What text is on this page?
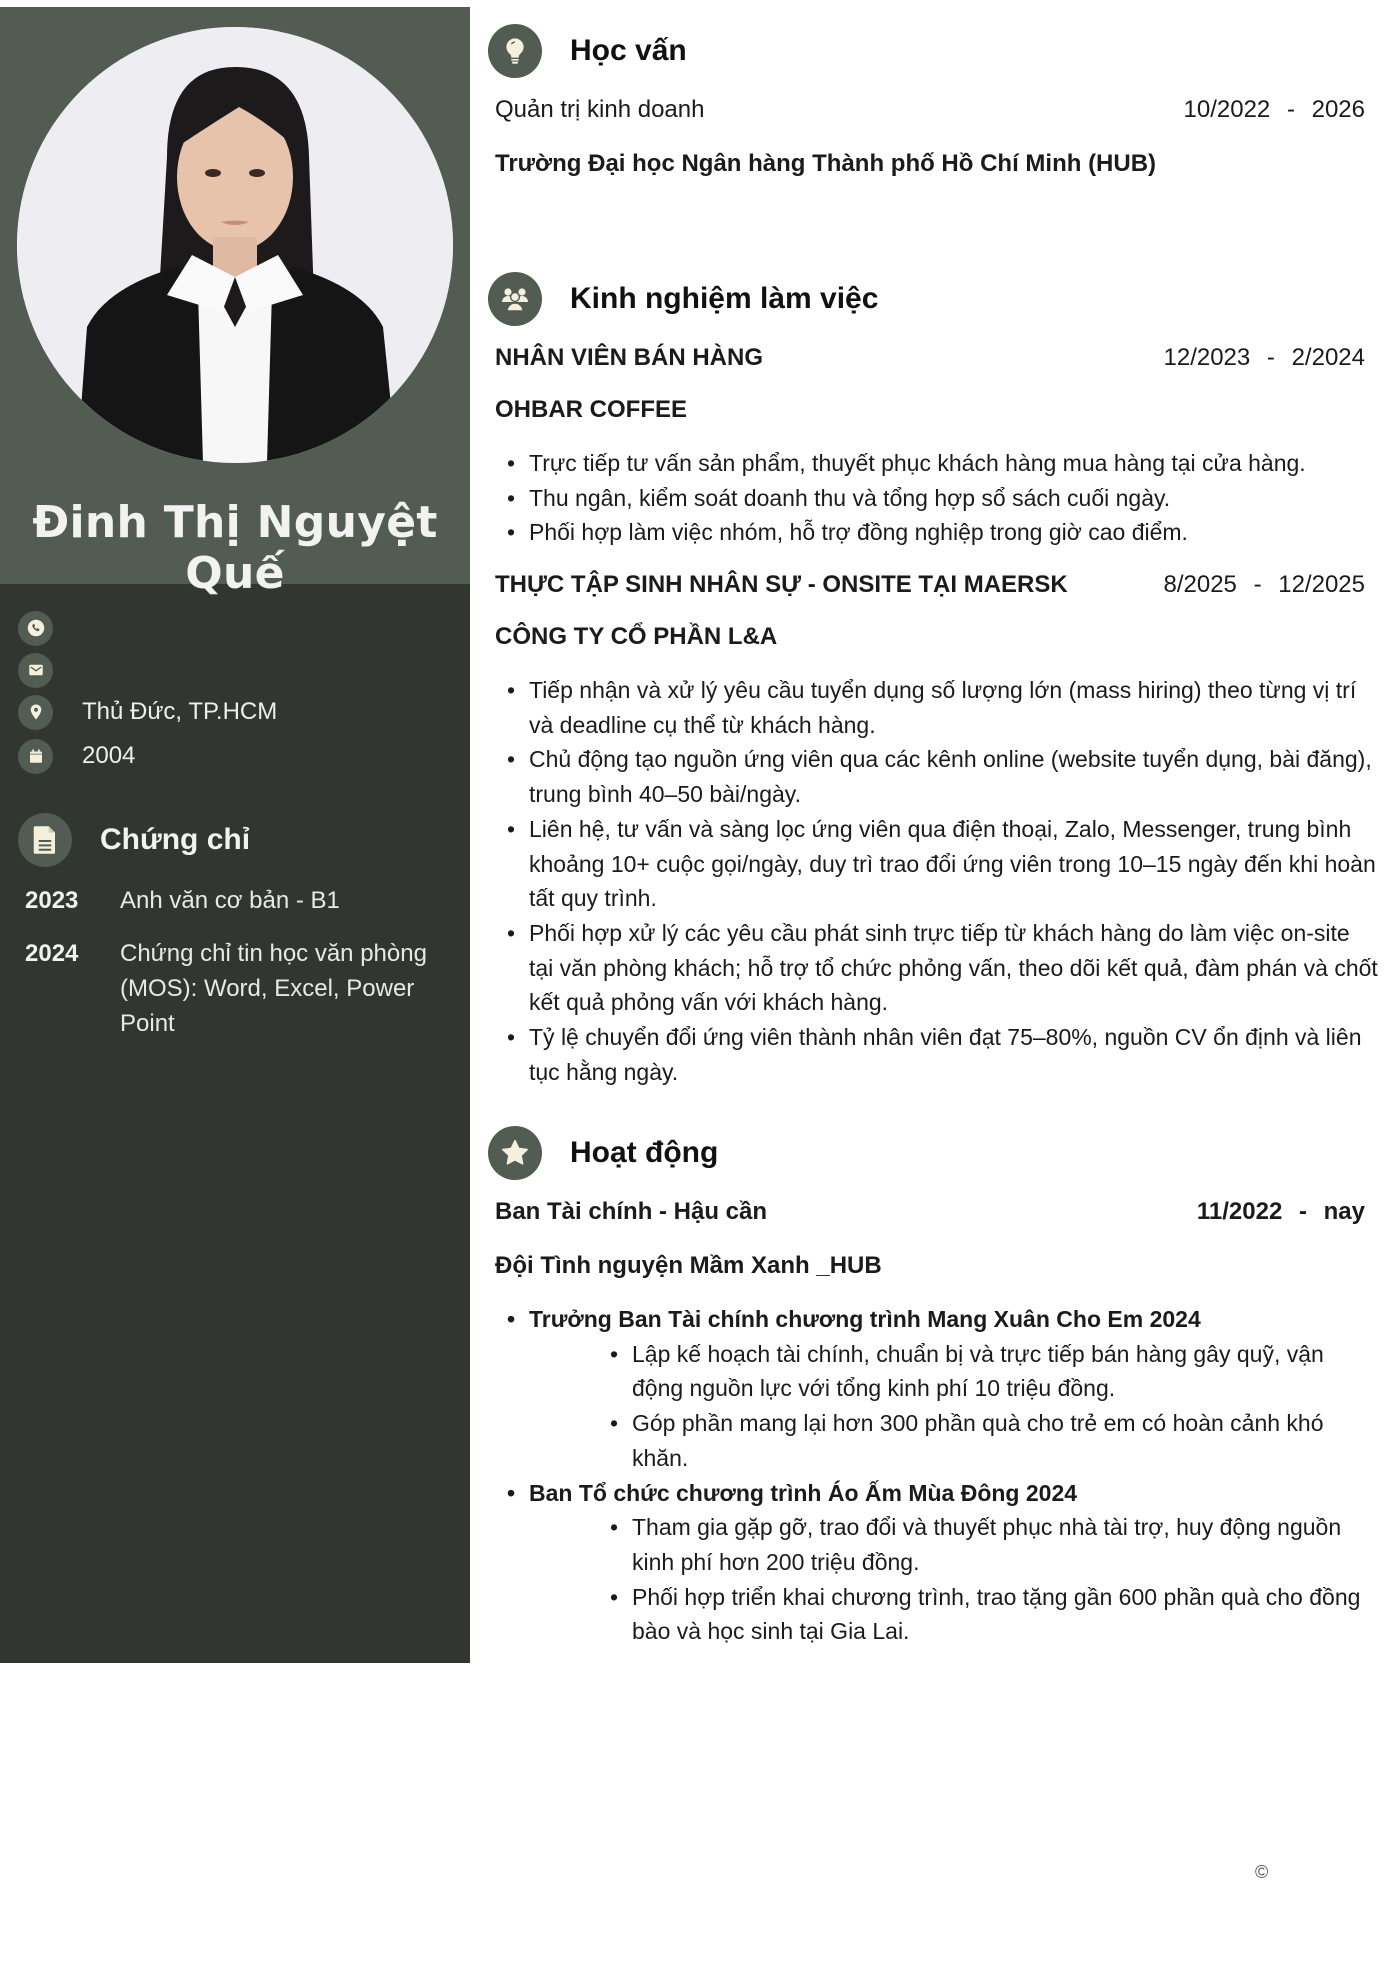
Đinh Thị Nguyệt Quế
Thủ Đức, TP.HCM
2004
Chứng chỉ
2023	Anh văn cơ bản - B1
2024	Chứng chỉ tin học văn phòng (MOS): Word, Excel, Power Point
Học vấn
Quản trị kinh doanh	10/2022 - 2026
Trường Đại học Ngân hàng Thành phố Hồ Chí Minh (HUB)
Kinh nghiệm làm việc
NHÂN VIÊN BÁN HÀNG	12/2023 - 2/2024
OHBAR COFFEE
• Trực tiếp tư vấn sản phẩm, thuyết phục khách hàng mua hàng tại cửa hàng.
• Thu ngân, kiểm soát doanh thu và tổng hợp sổ sách cuối ngày.
• Phối hợp làm việc nhóm, hỗ trợ đồng nghiệp trong giờ cao điểm.
THỰC TẬP SINH NHÂN SỰ - ONSITE TẠI MAERSK	8/2025 - 12/2025
CÔNG TY CỔ PHẦN L&A
• Tiếp nhận và xử lý yêu cầu tuyển dụng số lượng lớn (mass hiring) theo từng vị trí và deadline cụ thể từ khách hàng.
• Chủ động tạo nguồn ứng viên qua các kênh online (website tuyển dụng, bài đăng), trung bình 40–50 bài/ngày.
• Liên hệ, tư vấn và sàng lọc ứng viên qua điện thoại, Zalo, Messenger, trung bình khoảng 10+ cuộc gọi/ngày, duy trì trao đổi ứng viên trong 10–15 ngày đến khi hoàn tất quy trình.
• Phối hợp xử lý các yêu cầu phát sinh trực tiếp từ khách hàng do làm việc on-site tại văn phòng khách; hỗ trợ tổ chức phỏng vấn, theo dõi kết quả, đàm phán và chốt kết quả phỏng vấn với khách hàng.
• Tỷ lệ chuyển đổi ứng viên thành nhân viên đạt 75–80%, nguồn CV ổn định và liên tục hằng ngày.
Hoạt động
Ban Tài chính - Hậu cần	11/2022 - nay
Đội Tình nguyện Mầm Xanh _HUB
• Trưởng Ban Tài chính chương trình Mang Xuân Cho Em 2024
• Lập kế hoạch tài chính, chuẩn bị và trực tiếp bán hàng gây quỹ, vận động nguồn lực với tổng kinh phí 10 triệu đồng.
• Góp phần mang lại hơn 300 phần quà cho trẻ em có hoàn cảnh khó khăn.
• Ban Tổ chức chương trình Áo Ấm Mùa Đông 2024
• Tham gia gặp gỡ, trao đổi và thuyết phục nhà tài trợ, huy động nguồn kinh phí hơn 200 triệu đồng.
• Phối hợp triển khai chương trình, trao tặng gần 600 phần quà cho đồng bào và học sinh tại Gia Lai.
©
